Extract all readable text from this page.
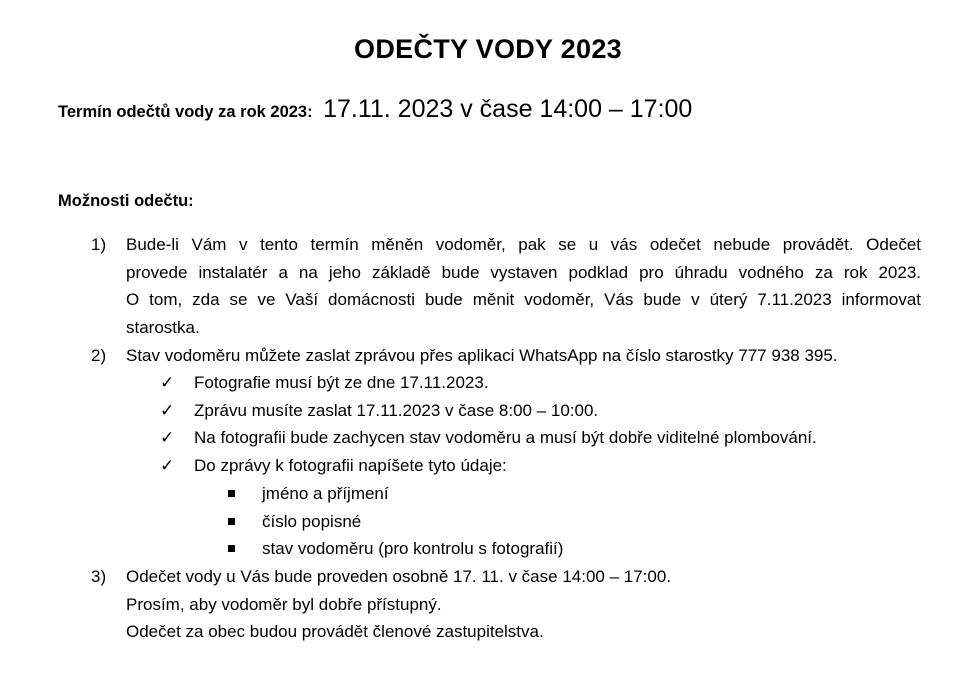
ODEČTY VODY 2023
Termín odečtů vody za rok 2023: 17.11. 2023 v čase 14:00 – 17:00
Možnosti odečtu:
1) Bude-li Vám v tento termín měněn vodoměr, pak se u vás odečet nebude provádět. Odečet
provede instalatér a na jeho základě bude vystaven podklad pro úhradu vodného za rok 2023.
O tom, zda se ve Vaší domácnosti bude měnit vodoměr, Vás bude v úterý 7.11.2023 informovat
starostka.
2) Stav vodoměru můžete zaslat zprávou přes aplikaci WhatsApp na číslo starostky 777 938 395.
✓ Fotografie musí být ze dne 17.11.2023.
✓ Zprávu musíte zaslat 17.11.2023 v čase 8:00 – 10:00.
✓ Na fotografii bude zachycen stav vodoměru a musí být dobře viditelné plombování.
✓ Do zprávy k fotografii napíšete tyto údaje:
jméno a příjmení
číslo popisné
stav vodoměru (pro kontrolu s fotografií)
3) Odečet vody u Vás bude proveden osobně 17. 11. v čase 14:00 – 17:00.
Prosím, aby vodoměr byl dobře přístupný.
Odečet za obec budou provádět členové zastupitelstva.
